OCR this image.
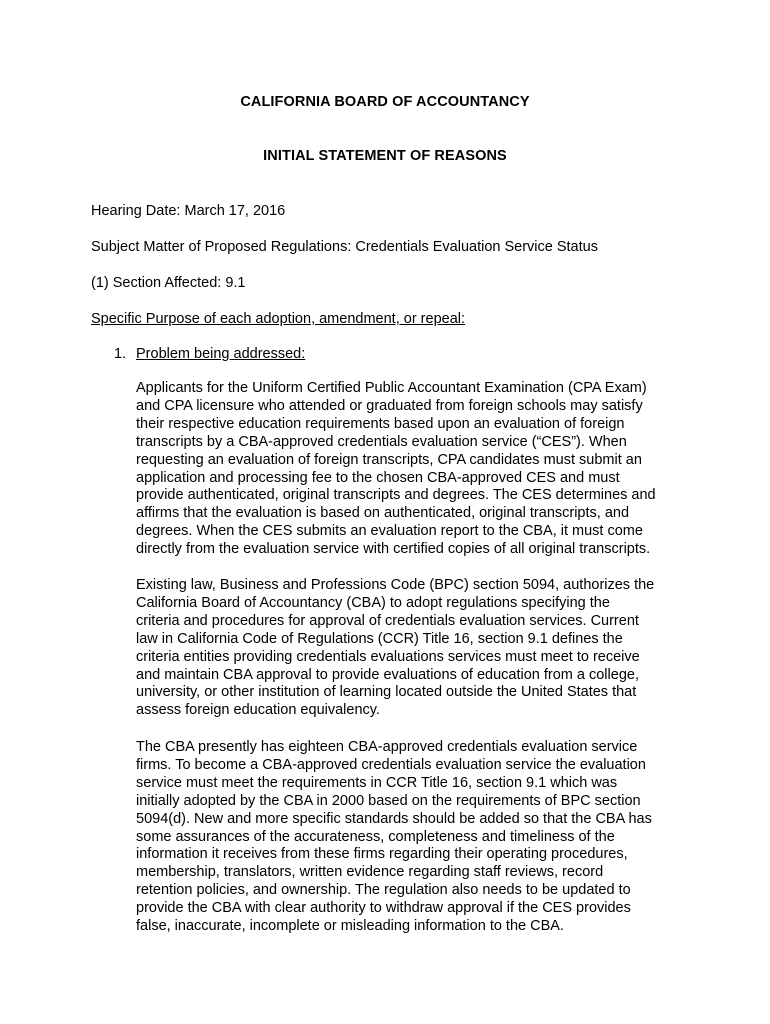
CALIFORNIA BOARD OF ACCOUNTANCY
INITIAL STATEMENT OF REASONS
Hearing Date: March 17, 2016
Subject Matter of Proposed Regulations: Credentials Evaluation Service Status
(1) Section Affected: 9.1
Specific Purpose of each adoption, amendment, or repeal:
1. Problem being addressed:
Applicants for the Uniform Certified Public Accountant Examination (CPA Exam)
and CPA licensure who attended or graduated from foreign schools may satisfy
their respective education requirements based upon an evaluation of foreign
transcripts by a CBA-approved credentials evaluation service (“CES”). When
requesting an evaluation of foreign transcripts, CPA candidates must submit an
application and processing fee to the chosen CBA-approved CES and must
provide authenticated, original transcripts and degrees. The CES determines and
affirms that the evaluation is based on authenticated, original transcripts, and
degrees. When the CES submits an evaluation report to the CBA, it must come
directly from the evaluation service with certified copies of all original transcripts.
Existing law, Business and Professions Code (BPC) section 5094, authorizes the
California Board of Accountancy (CBA) to adopt regulations specifying the
criteria and procedures for approval of credentials evaluation services. Current
law in California Code of Regulations (CCR) Title 16, section 9.1 defines the
criteria entities providing credentials evaluations services must meet to receive
and maintain CBA approval to provide evaluations of education from a college,
university, or other institution of learning located outside the United States that
assess foreign education equivalency.
The CBA presently has eighteen CBA-approved credentials evaluation service
firms. To become a CBA-approved credentials evaluation service the evaluation
service must meet the requirements in CCR Title 16, section 9.1 which was
initially adopted by the CBA in 2000 based on the requirements of BPC section
5094(d). New and more specific standards should be added so that the CBA has
some assurances of the accurateness, completeness and timeliness of the
information it receives from these firms regarding their operating procedures,
membership, translators, written evidence regarding staff reviews, record
retention policies, and ownership. The regulation also needs to be updated to
provide the CBA with clear authority to withdraw approval if the CES provides
false, inaccurate, incomplete or misleading information to the CBA.
